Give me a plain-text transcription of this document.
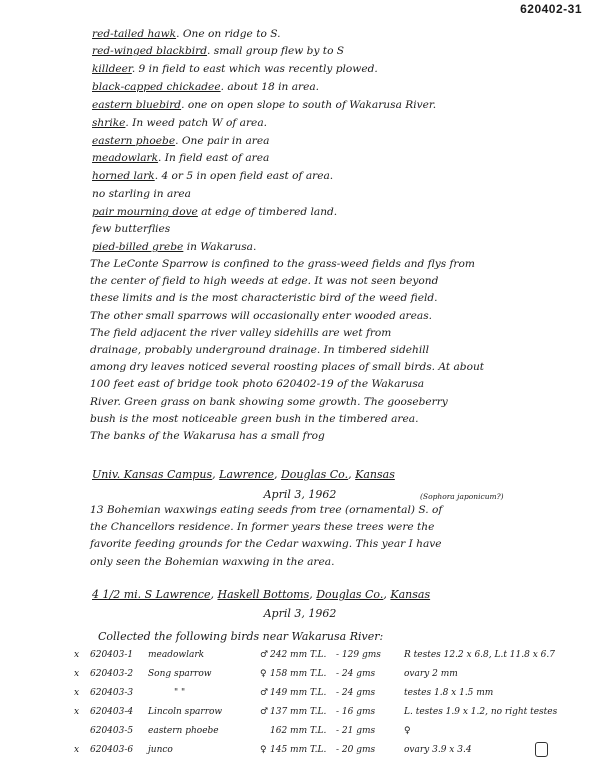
620402-31
red-tailed hawk. One on ridge to S.
red-winged blackbird. small group flew by to S
killdeer. 9 in field to east which was recently plowed.
black-capped chickadee. about 18 in area.
eastern bluebird. one on open slope to south of Wakarusa River.
shrike. In weed patch W of area.
eastern phoebe. One pair in area
meadowlark. In field east of area
horned lark. 4 or 5 in open field east of area.
no starling in area
pair mourning dove at edge of timbered land.
few butterflies
pied-billed grebe in Wakarusa.
The LeConte Sparrow is confined to the grass-weed fields and flys from
the center of field to high weeds at edge. It was not seen beyond
these limits and is the most characteristic bird of the weed field.
The other small sparrows will occasionally enter wooded areas.
The field adjacent the river valley sidehills are wet from
drainage, probably underground drainage. In timbered sidehill
among dry leaves noticed several roosting places of small birds. At about
100 feet east of bridge took photo 620402-19 of the Wakarusa
River. Green grass on bank showing some growth. The gooseberry
bush is the most noticeable green bush in the timbered area.
The banks of the Wakarusa has a small frog
Univ. Kansas Campus, Lawrence, Douglas Co., Kansas
April 3, 1962	(Sophora japonicum?)
13 Bohemian waxwings eating seeds from tree (ornamental) S. of
the Chancellors residence. In former years these trees were the
favorite feeding grounds for the Cedar waxwing. This year I have
only seen the Bohemian waxwing in the area.
4 1/2 mi. S Lawrence, Haskell Bottoms, Douglas Co., Kansas
April 3, 1962
Collected the following birds near Wakarusa River:
x 620403-1 meadowlark	♂ 242 mm T.L. - 129 gms	R testes 12.2 x 6.8, L.t 11.8 x 6.7
x 620403-2 Song sparrow	♀ 158 mm T.L. - 24 gms	ovary 2 mm
x 620403-3	" "	♂ 149 mm T.L. - 24 gms	testes 1.8 x 1.5 mm
x 620403-4 Lincoln sparrow	♂ 137 mm T.L. - 16 gms	L. testes 1.9 x 1.2, no right testes
620403-5 eastern phoebe	162 mm T.L. - 21 gms	♀
x 620403-6 junco	♀ 145 mm T.L. - 20 gms	ovary 3.9 x 3.4
